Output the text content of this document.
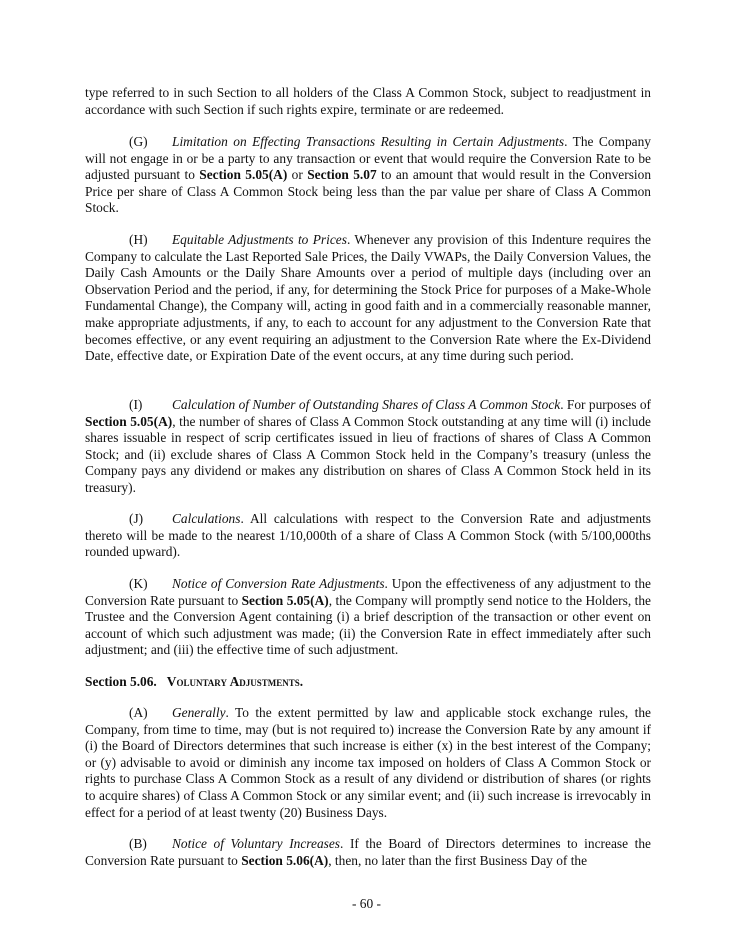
type referred to in such Section to all holders of the Class A Common Stock, subject to readjustment in accordance with such Section if such rights expire, terminate or are redeemed.

(G) Limitation on Effecting Transactions Resulting in Certain Adjustments. The Company will not engage in or be a party to any transaction or event that would require the Conversion Rate to be adjusted pursuant to Section 5.05(A) or Section 5.07 to an amount that would result in the Conversion Price per share of Class A Common Stock being less than the par value per share of Class A Common Stock.

(H) Equitable Adjustments to Prices. Whenever any provision of this Indenture requires the Company to calculate the Last Reported Sale Prices, the Daily VWAPs, the Daily Conversion Values, the Daily Cash Amounts or the Daily Share Amounts over a period of multiple days (including over an Observation Period and the period, if any, for determining the Stock Price for purposes of a Make-Whole Fundamental Change), the Company will, acting in good faith and in a commercially reasonable manner, make appropriate adjustments, if any, to each to account for any adjustment to the Conversion Rate that becomes effective, or any event requiring an adjustment to the Conversion Rate where the Ex-Dividend Date, effective date, or Expiration Date of the event occurs, at any time during such period.

(I) Calculation of Number of Outstanding Shares of Class A Common Stock. For purposes of Section 5.05(A), the number of shares of Class A Common Stock outstanding at any time will (i) include shares issuable in respect of scrip certificates issued in lieu of fractions of shares of Class A Common Stock; and (ii) exclude shares of Class A Common Stock held in the Company’s treasury (unless the Company pays any dividend or makes any distribution on shares of Class A Common Stock held in its treasury).

(J) Calculations. All calculations with respect to the Conversion Rate and adjustments thereto will be made to the nearest 1/10,000th of a share of Class A Common Stock (with 5/100,000ths rounded upward).

(K) Notice of Conversion Rate Adjustments. Upon the effectiveness of any adjustment to the Conversion Rate pursuant to Section 5.05(A), the Company will promptly send notice to the Holders, the Trustee and the Conversion Agent containing (i) a brief description of the transaction or other event on account of which such adjustment was made; (ii) the Conversion Rate in effect immediately after such adjustment; and (iii) the effective time of such adjustment.

Section 5.06. Voluntary Adjustments.

(A) Generally. To the extent permitted by law and applicable stock exchange rules, the Company, from time to time, may (but is not required to) increase the Conversion Rate by any amount if (i) the Board of Directors determines that such increase is either (x) in the best interest of the Company; or (y) advisable to avoid or diminish any income tax imposed on holders of Class A Common Stock or rights to purchase Class A Common Stock as a result of any dividend or distribution of shares (or rights to acquire shares) of Class A Common Stock or any similar event; and (ii) such increase is irrevocably in effect for a period of at least twenty (20) Business Days.

(B) Notice of Voluntary Increases. If the Board of Directors determines to increase the Conversion Rate pursuant to Section 5.06(A), then, no later than the first Business Day of the

- 60 -
